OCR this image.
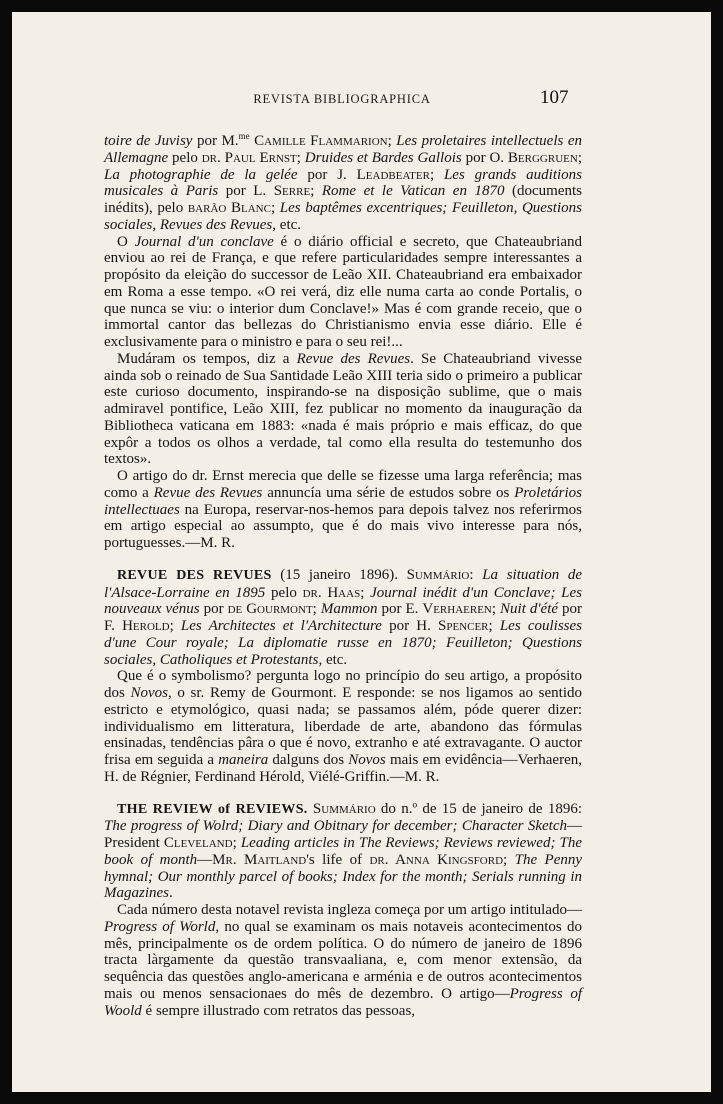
REVISTA BIBLIOGRAPHICA	107

toire de Juvisy por M.$^{me}$ Camille Flammarion; Les proletaires intellectuels en Allemagne pelo dr. Paul Ernst; Druides et Bardes Gallois por O. Berggruen; La photographie de la gelée por J. Leadbeater; Les grands auditions musicales à Paris por L. Serre; Rome et le Vatican en 1870 (documents inédits), pelo barão Blanc; Les baptêmes excentriques; Feuilleton, Questions sociales, Revues des Revues, etc.

O Journal d'un conclave é o diário official e secreto, que Chateaubriand enviou ao rei de França, e que refere particularidades sempre interessantes a propósito da eleição do successor de Leão XII. Chateaubriand era embaixador em Roma a esse tempo. «O rei verá, diz elle numa carta ao conde Portalis, o que nunca se viu: o interior dum Conclave!» Mas é com grande receio, que o immortal cantor das bellezas do Christianismo envia esse diário. Elle é exclusivamente para o ministro e para o seu rei!...

Mudáram os tempos, diz a Revue des Revues. Se Chateaubriand vivesse ainda sob o reinado de Sua Santidade Leão XIII teria sido o primeiro a publicar este curioso documento, inspirando-se na disposição sublime, que o mais admiravel pontifice, Leão XIII, fez publicar no momento da inauguração da Bibliotheca vaticana em 1883: «nada é mais próprio e mais efficaz, do que expôr a todos os olhos a verdade, tal como ella resulta do testemunho dos textos».

O artigo do dr. Ernst merecia que delle se fizesse uma larga referência; mas como a Revue des Revues annuncía uma série de estudos sobre os Proletários intellectuaes na Europa, reservar-nos-hemos para depois talvez nos referirmos em artigo especial ao assumpto, que é do mais vivo interesse para nós, portuguesses.—M. R.

REVUE DES REVUES (15 janeiro 1896). Summário: La situation de l'Alsace-Lorraine en 1895 pelo dr. Haas; Journal inédit d'un Conclave; Les nouveaux vénus por de Gourmont; Mammon por E. Verhaeren; Nuit d'été por F. Herold; Les Architectes et l'Architecture por H. Spencer; Les coulisses d'une Cour royale; La diplomatie russe en 1870; Feuilleton; Questions sociales, Catholiques et Protestants, etc.

Que é o symbolismo? pergunta logo no princípio do seu artigo, a propósito dos Novos, o sr. Remy de Gourmont. E responde: se nos ligamos ao sentido estricto e etymológico, quasi nada; se passamos além, póde querer dizer: individualismo em litteratura, liberdade de arte, abandono das fórmulas ensinadas, tendências pâra o que é novo, extranho e até extravagante. O auctor frisa em seguida a maneira dalguns dos Novos mais em evidência—Verhaeren, H. de Régnier, Ferdinand Hérold, Viélé-Griffin.—M. R.

THE REVIEW of REVIEWS. Summário do n.º de 15 de janeiro de 1896: The progress of Wolrd; Diary and Obitnary for december; Character Sketch—President Cleveland; Leading articles in The Reviews; Reviews reviewed; The book of month—Mr. Maitland's life of dr. Anna Kingsford; The Penny hymnal; Our monthly parcel of books; Index for the month; Serials running in Magazines.

Cada número desta notavel revista ingleza começa por um artigo intitulado—Progress of World, no qual se examinam os mais notaveis acontecimentos do mês, principalmente os de ordem política. O do número de janeiro de 1896 tracta làrgamente da questão transvaaliana, e, com menor extensão, da sequência das questões anglo-americana e arménia e de outros acontecimentos mais ou menos sensacionaes do mês de dezembro. O artigo—Progress of Woold é sempre illustrado com retratos das pessoas,
